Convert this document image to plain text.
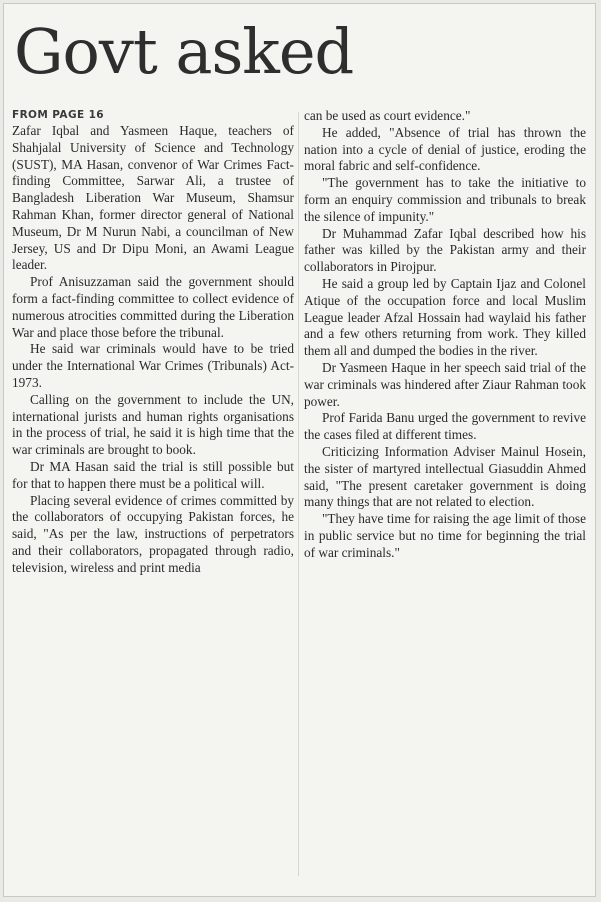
Govt asked

FROM PAGE 16

Zafar Iqbal and Yasmeen Haque, teachers of Shahjalal University of Science and Technology (SUST), MA Hasan, convenor of War Crimes Fact-finding Committee, Sarwar Ali, a trustee of Bangladesh Liberation War Museum, Shamsur Rahman Khan, former director general of National Museum, Dr M Nurun Nabi, a councilman of New Jersey, US and Dr Dipu Moni, an Awami League leader.

Prof Anisuzzaman said the government should form a fact-finding committee to collect evidence of numerous atrocities committed during the Liberation War and place those before the tribunal.

He said war criminals would have to be tried under the International War Crimes (Tribunals) Act-1973.

Calling on the government to include the UN, international jurists and human rights organisations in the process of trial, he said it is high time that the war criminals are brought to book.

Dr MA Hasan said the trial is still possible but for that to happen there must be a political will.

Placing several evidence of crimes committed by the collaborators of occupying Pakistan forces, he said, "As per the law, instructions of perpetrators and their collaborators, propagated through radio, television, wireless and print media

can be used as court evidence."

He added, "Absence of trial has thrown the nation into a cycle of denial of justice, eroding the moral fabric and self-confidence.

"The government has to take the initiative to form an enquiry commission and tribunals to break the silence of impunity."

Dr Muhammad Zafar Iqbal described how his father was killed by the Pakistan army and their collaborators in Pirojpur.

He said a group led by Captain Ijaz and Colonel Atique of the occupation force and local Muslim League leader Afzal Hossain had waylaid his father and a few others returning from work. They killed them all and dumped the bodies in the river.

Dr Yasmeen Haque in her speech said trial of the war criminals was hindered after Ziaur Rahman took power.

Prof Farida Banu urged the government to revive the cases filed at different times.

Criticizing Information Adviser Mainul Hosein, the sister of martyred intellectual Giasuddin Ahmed said, "The present caretaker government is doing many things that are not related to election.

"They have time for raising the age limit of those in public service but no time for beginning the trial of war criminals."
